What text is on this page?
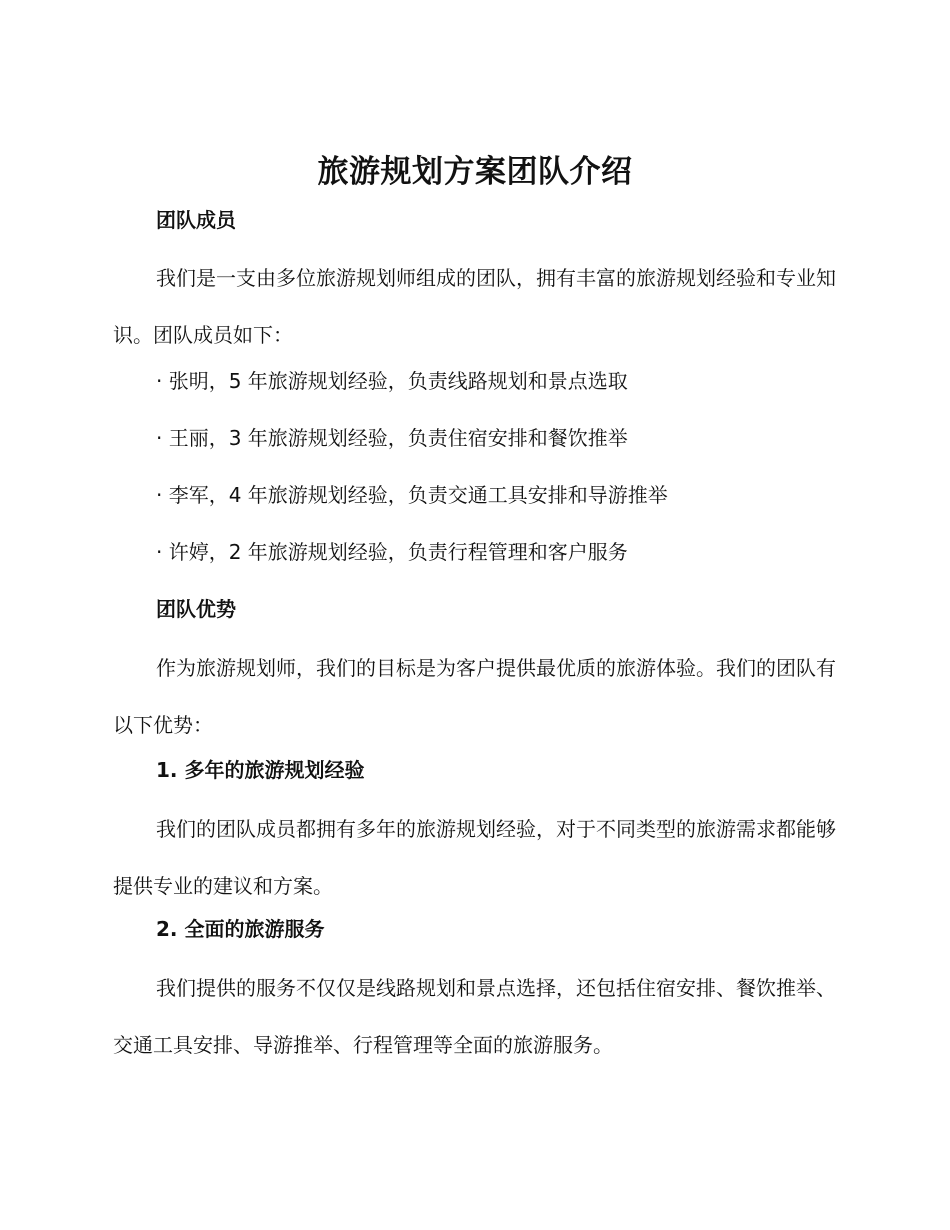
旅游规划方案团队介绍
团队成员

我们是一支由多位旅游规划师组成的团队，拥有丰富的旅游规划经验和专业知识。团队成员如下：

· 张明，5 年旅游规划经验，负责线路规划和景点选取

· 王丽，3 年旅游规划经验，负责住宿安排和餐饮推举

· 李军，4 年旅游规划经验，负责交通工具安排和导游推举

· 许婷，2 年旅游规划经验，负责行程管理和客户服务

团队优势

作为旅游规划师，我们的目标是为客户提供最优质的旅游体验。我们的团队有以下优势：

1. 多年的旅游规划经验

我们的团队成员都拥有多年的旅游规划经验，对于不同类型的旅游需求都能够提供专业的建议和方案。

2. 全面的旅游服务

我们提供的服务不仅仅是线路规划和景点选择，还包括住宿安排、餐饮推举、交通工具安排、导游推举、行程管理等全面的旅游服务。
